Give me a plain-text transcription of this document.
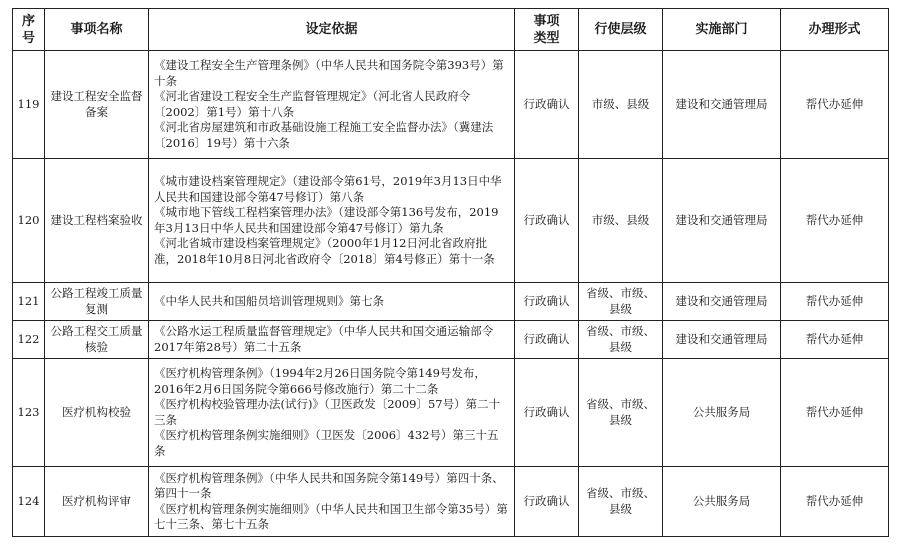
序号	事项名称	设定依据	事项类型	行使层级	实施部门	办理形式
119	建设工程安全监督备案	《建设工程安全生产管理条例》（中华人民共和国务院令第393号）第十条
《河北省建设工程安全生产监督管理规定》（河北省人民政府令〔2002〕第1号）第十八条
《河北省房屋建筑和市政基础设施工程施工安全监督办法》（冀建法〔2016〕19号）第十六条	行政确认	市级、县级	建设和交通管理局	帮代办延伸
120	建设工程档案验收	《城市建设档案管理规定》（建设部令第61号，2019年3月13日中华人民共和国建设部令第47号修订）第八条
《城市地下管线工程档案管理办法》（建设部令第136号发布，2019年3月13日中华人民共和国建设部令第47号修订）第九条
《河北省城市建设档案管理规定》（2000年1月12日河北省政府批准，2018年10月8日河北省政府令〔2018〕第4号修正）第十一条	行政确认	市级、县级	建设和交通管理局	帮代办延伸
121	公路工程竣工质量复测	《中华人民共和国船员培训管理规则》第七条	行政确认	省级、市级、县级	建设和交通管理局	帮代办延伸
122	公路工程交工质量核验	《公路水运工程质量监督管理规定》（中华人民共和国交通运输部令2017年第28号）第二十五条	行政确认	省级、市级、县级	建设和交通管理局	帮代办延伸
123	医疗机构校验	《医疗机构管理条例》（1994年2月26日国务院令第149号发布，2016年2月6日国务院令第666号修改施行）第二十二条
《医疗机构校验管理办法(试行)》（卫医政发〔2009〕57号）第二十三条
《医疗机构管理条例实施细则》（卫医发〔2006〕432号）第三十五条	行政确认	省级、市级、县级	公共服务局	帮代办延伸
124	医疗机构评审	《医疗机构管理条例》（中华人民共和国务院令第149号）第四十条、第四十一条
《医疗机构管理条例实施细则》（中华人民共和国卫生部令第35号）第七十三条、第七十五条	行政确认	省级、市级、县级	公共服务局	帮代办延伸
